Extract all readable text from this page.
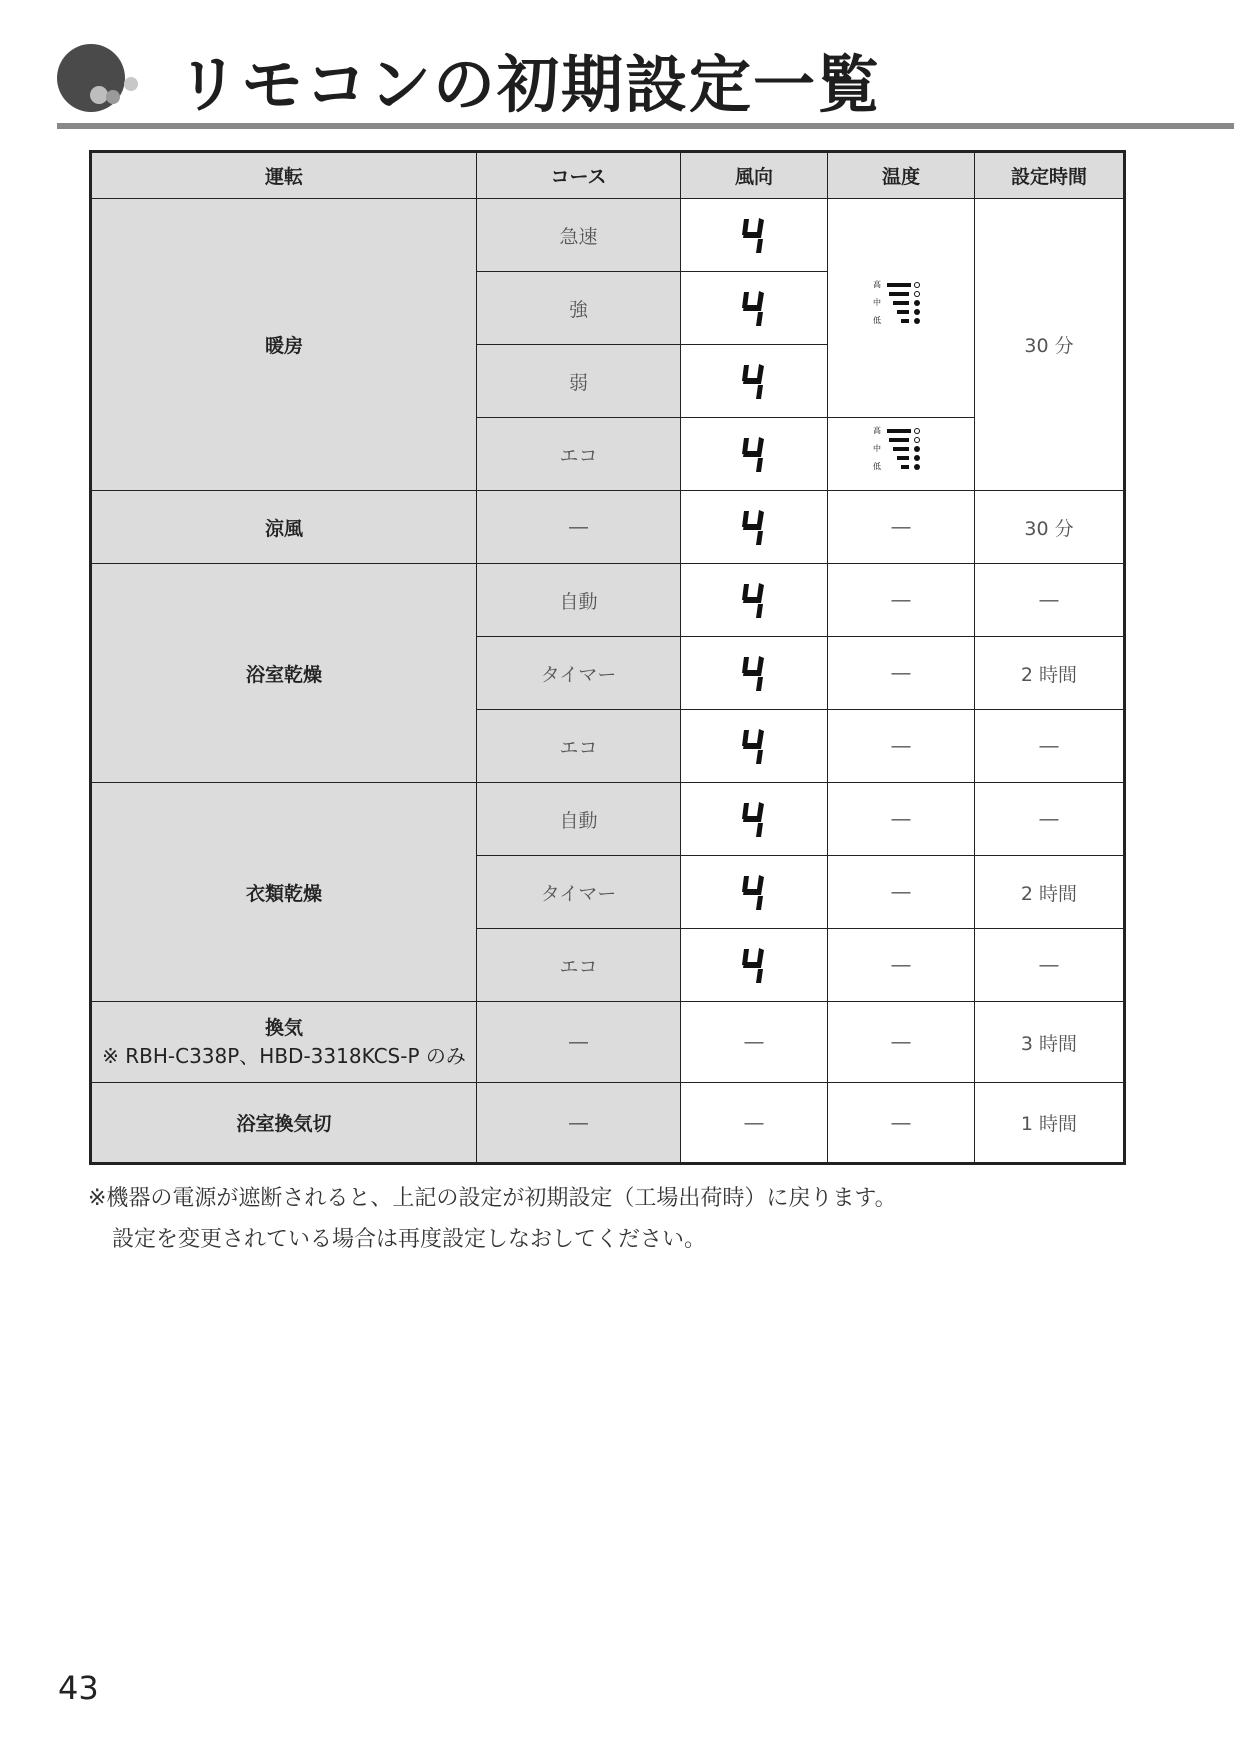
リモコンの初期設定一覧
運転	コース	風向	温度	設定時間
暖房	急速			30 分
	強	
	弱	
	エコ		
涼風	―		―	30 分
浴室乾燥	自動		―	―
	タイマー		―	2 時間
	エコ		―	―
衣類乾燥	自動		―	―
	タイマー		―	2 時間
	エコ		―	―
換気
※ RBH-C338P、HBD-3318KCS-P のみ	―	―	―	3 時間
浴室換気切	―	―	―	1 時間

※機器の電源が遮断されると、上記の設定が初期設定（工場出荷時）に戻ります。

設定を変更されている場合は再度設定しなおしてください。

43
